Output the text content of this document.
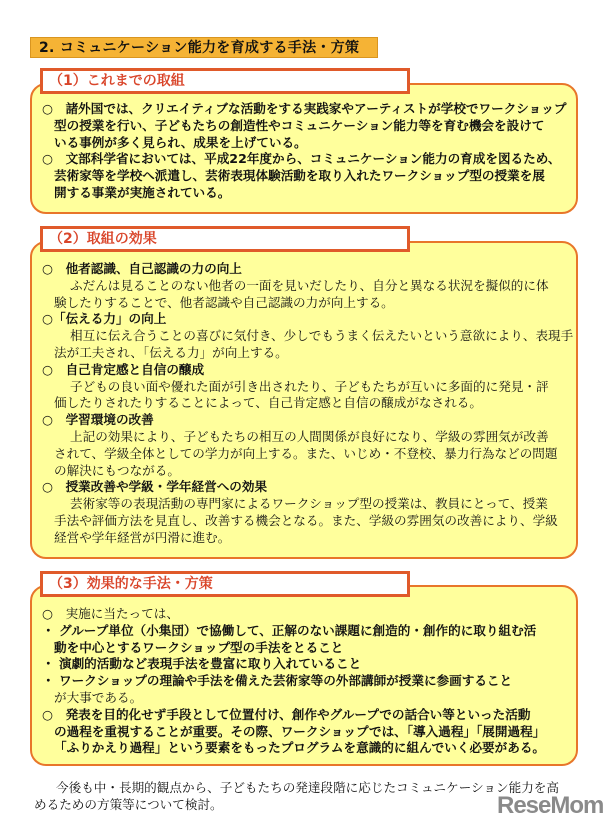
2. コミュニケーション能力を育成する手法・方策
○　諸外国では、クリエイティブな活動をする実践家やアーティストが学校でワークショップ
型の授業を行い、子どもたちの創造性やコミュニケーション能力等を育む機会を設けて
いる事例が多く見られ、成果を上げている。
○　文部科学省においては、平成22年度から、コミュニケーション能力の育成を図るため、
芸術家等を学校へ派遣し、芸術表現体験活動を取り入れたワークショップ型の授業を展
開する事業が実施されている。
（1）これまでの取組
○　他者認識、自己認識の力の向上
ふだんは見ることのない他者の一面を見いだしたり、自分と異なる状況を擬似的に体
験したりすることで、他者認識や自己認識の力が向上する。
○「伝える力」の向上
相互に伝え合うことの喜びに気付き、少しでもうまく伝えたいという意欲により、表現手
法が工夫され、「伝える力」が向上する。
○　自己肯定感と自信の醸成
子どもの良い面や優れた面が引き出されたり、子どもたちが互いに多面的に発見・評
価したりされたりすることによって、自己肯定感と自信の醸成がなされる。
○　学習環境の改善
上記の効果により、子どもたちの相互の人間関係が良好になり、学級の雰囲気が改善
されて、学級全体としての学力が向上する。また、いじめ・不登校、暴力行為などの問題
の解決にもつながる。
○　授業改善や学級・学年経営への効果
芸術家等の表現活動の専門家によるワークショップ型の授業は、教員にとって、授業
手法や評価方法を見直し、改善する機会となる。また、学級の雰囲気の改善により、学級
経営や学年経営が円滑に進む。
（2）取組の効果
○　実施に当たっては、
・ グループ単位（小集団）で協働して、正解のない課題に創造的・創作的に取り組む活
動を中心とするワークショップ型の手法をとること
・ 演劇的活動など表現手法を豊富に取り入れていること
・ ワークショップの理論や手法を備えた芸術家等の外部講師が授業に参画すること
が大事である。
○　発表を目的化せず手段として位置付け、創作やグループでの話合い等といった活動
の過程を重視することが重要。その際、ワークショップでは、「導入過程」「展開過程」
「ふりかえり過程」という要素をもったプログラムを意識的に組んでいく必要がある。
（3）効果的な手法・方策
今後も中・長期的観点から、子どもたちの発達段階に応じたコミュニケーション能力を高
めるための方策等について検討。	ReseMom
